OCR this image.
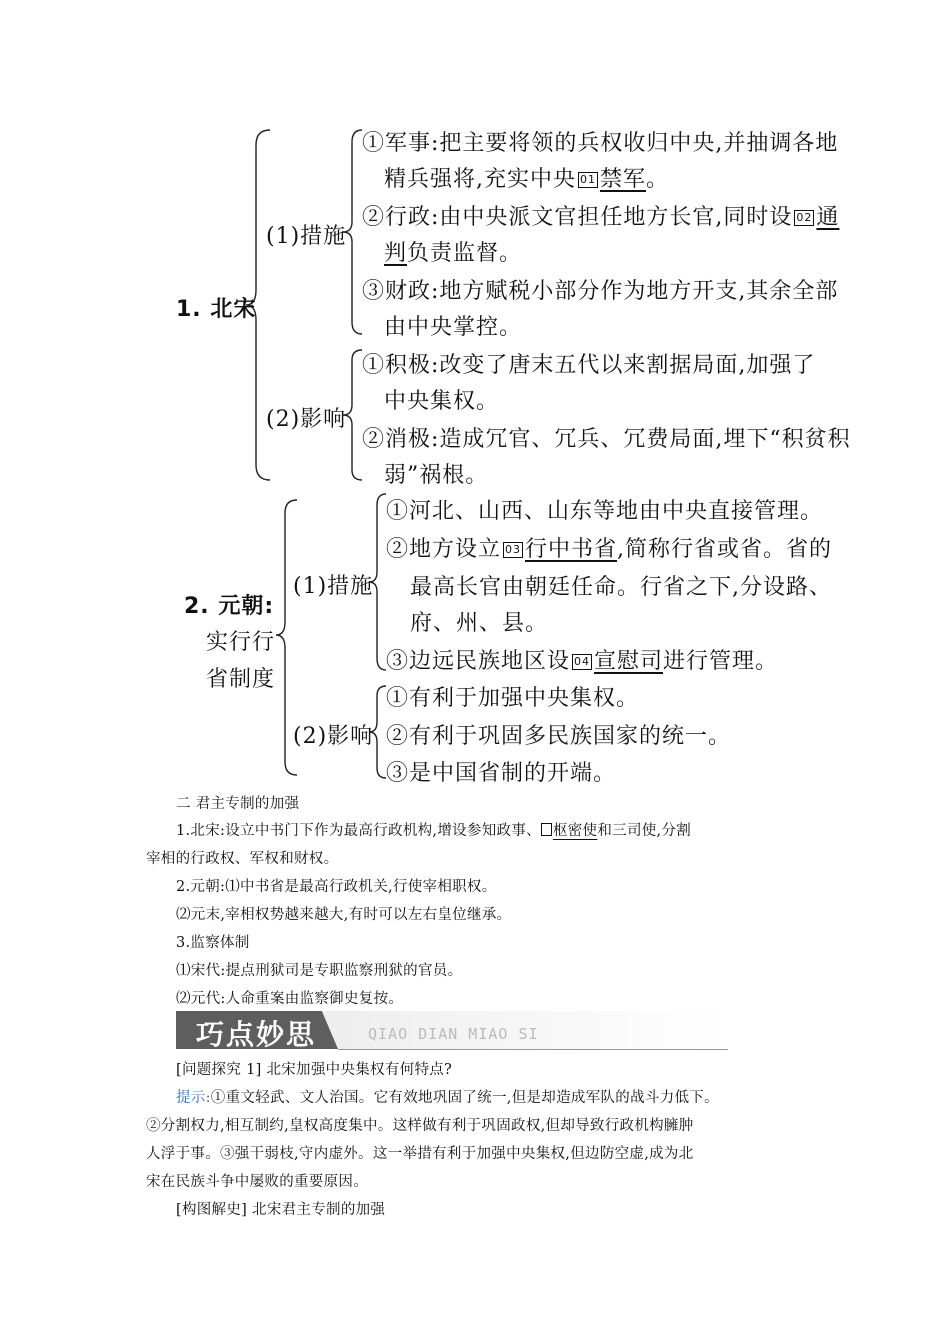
1. 北宋
(1)措施
(2)影响
①军事:把主要将领的兵权收归中央,并抽调各地
精兵强将,充实中央 01 禁军。
②行政:由中央派文官担任地方长官,同时设 02 通
判负责监督。
③财政:地方赋税小部分作为地方开支,其余全部
由中央掌控。
①积极:改变了唐末五代以来割据局面,加强了
中央集权。
②消极:造成冗官、冗兵、冗费局面,埋下“积贫积
弱”祸根。
2. 元朝:
实行行
省制度
(1)措施
(2)影响
①河北、山西、山东等地由中央直接管理。
②地方设立 03 行中书省,简称行省或省。省的
最高长官由朝廷任命。行省之下,分设路、
府、州、县。
③边远民族地区设 04 宣慰司进行管理。
①有利于加强中央集权。
②有利于巩固多民族国家的统一。
③是中国省制的开端。
二 君主专制的加强
1.北宋:设立中书门下作为最高行政机构,增设参知政事、 枢密使和三司使,分割
宰相的行政权、军权和财权。
2.元朝:⑴中书省是最高行政机关,行使宰相职权。
⑵元末,宰相权势越来越大,有时可以左右皇位继承。
3.监察体制
⑴宋代:提点刑狱司是专职监察刑狱的官员。
⑵元代:人命重案由监察御史复按。
巧点妙思	QIAO DIAN MIAO SI
[问题探究 1] 北宋加强中央集权有何特点?
提示:①重文轻武、文人治国。它有效地巩固了统一,但是却造成军队的战斗力低下。
②分割权力,相互制约,皇权高度集中。这样做有利于巩固政权,但却导致行政机构臃肿
人浮于事。③强干弱枝,守内虚外。这一举措有利于加强中央集权,但边防空虚,成为北
宋在民族斗争中屡败的重要原因。
[构图解史] 北宋君主专制的加强
